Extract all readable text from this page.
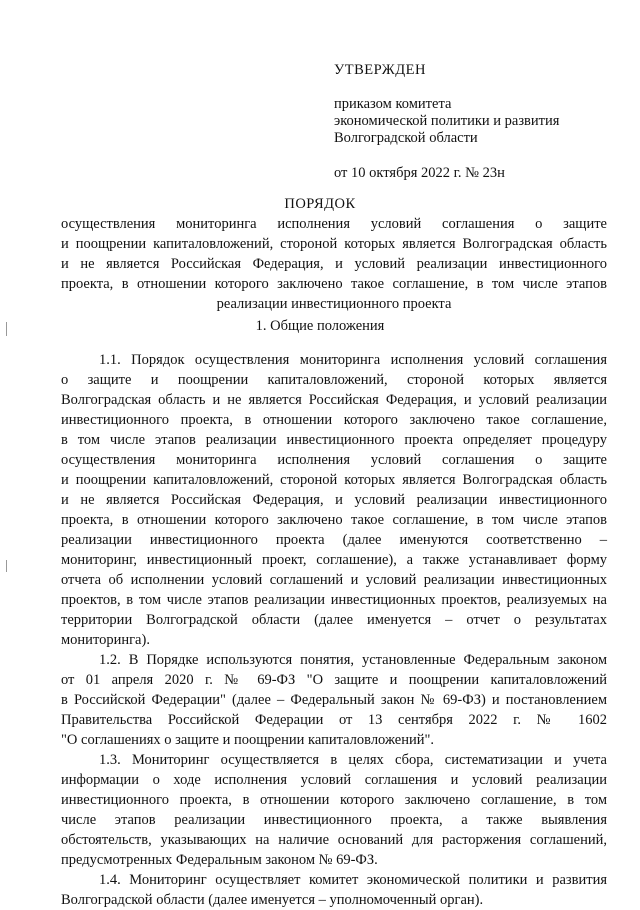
УТВЕРЖДЕН
приказом комитета
экономической политики и развития
Волгоградской области
от 10 октября 2022 г. № 23н
ПОРЯДОК
осуществления мониторинга исполнения условий соглашения о защите
и поощрении капиталовложений, стороной которых является Волгоградская область
и не является Российская Федерация, и условий реализации инвестиционного
проекта, в отношении которого заключено такое соглашение, в том числе этапов
реализации инвестиционного проекта
1. Общие положения
1.1. Порядок осуществления мониторинга исполнения условий соглашения
о защите и поощрении капиталовложений, стороной которых является
Волгоградская область и не является Российская Федерация, и условий реализации
инвестиционного проекта, в отношении которого заключено такое соглашение,
в том числе этапов реализации инвестиционного проекта определяет процедуру
осуществления мониторинга исполнения условий соглашения о защите
и поощрении капиталовложений, стороной которых является Волгоградская область
и не является Российская Федерация, и условий реализации инвестиционного
проекта, в отношении которого заключено такое соглашение, в том числе этапов
реализации инвестиционного проекта (далее именуются соответственно –
мониторинг, инвестиционный проект, соглашение), а также устанавливает форму
отчета об исполнении условий соглашений и условий реализации инвестиционных
проектов, в том числе этапов реализации инвестиционных проектов, реализуемых на
территории Волгоградской области (далее именуется – отчет о результатах
мониторинга).
1.2. В Порядке используются понятия, установленные Федеральным законом
от 01 апреля 2020 г. № 69-ФЗ "О защите и поощрении капиталовложений
в Российской Федерации" (далее – Федеральный закон № 69-ФЗ) и постановлением
Правительства Российской Федерации от 13 сентября 2022 г. № 1602
"О соглашениях о защите и поощрении капиталовложений".
1.3. Мониторинг осуществляется в целях сбора, систематизации и учета
информации о ходе исполнения условий соглашения и условий реализации
инвестиционного проекта, в отношении которого заключено соглашение, в том
числе этапов реализации инвестиционного проекта, а также выявления
обстоятельств, указывающих на наличие оснований для расторжения соглашений,
предусмотренных Федеральным законом № 69-ФЗ.
1.4. Мониторинг осуществляет комитет экономической политики и развития
Волгоградской области (далее именуется – уполномоченный орган).
